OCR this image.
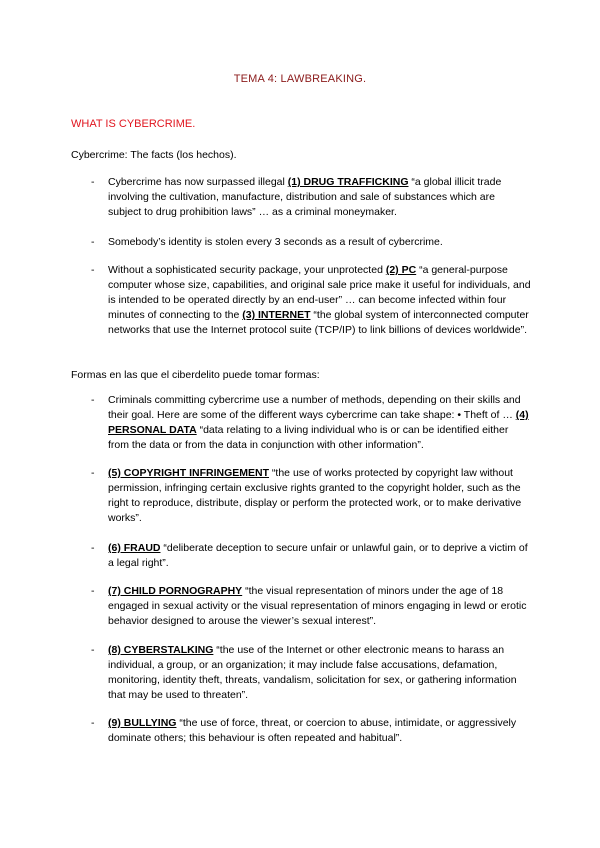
TEMA 4: LAWBREAKING.
WHAT IS CYBERCRIME.
Cybercrime: The facts (los hechos).
- Cybercrime has now surpassed illegal (1) DRUG TRAFFICKING “a global illicit trade involving the cultivation, manufacture, distribution and sale of substances which are subject to drug prohibition laws” … as a criminal moneymaker.
- Somebody’s identity is stolen every 3 seconds as a result of cybercrime.
- Without a sophisticated security package, your unprotected (2) PC “a general-purpose computer whose size, capabilities, and original sale price make it useful for individuals, and is intended to be operated directly by an end-user” … can become infected within four minutes of connecting to the (3) INTERNET “the global system of interconnected computer networks that use the Internet protocol suite (TCP/IP) to link billions of devices worldwide”.
Formas en las que el ciberdelito puede tomar formas:
- Criminals committing cybercrime use a number of methods, depending on their skills and their goal. Here are some of the different ways cybercrime can take shape: • Theft of … (4) PERSONAL DATA “data relating to a living individual who is or can be identified either from the data or from the data in conjunction with other information”.
- (5) COPYRIGHT INFRINGEMENT “the use of works protected by copyright law without permission, infringing certain exclusive rights granted to the copyright holder, such as the right to reproduce, distribute, display or perform the protected work, or to make derivative works”.
- (6) FRAUD “deliberate deception to secure unfair or unlawful gain, or to deprive a victim of a legal right”.
- (7) CHILD PORNOGRAPHY “the visual representation of minors under the age of 18 engaged in sexual activity or the visual representation of minors engaging in lewd or erotic behavior designed to arouse the viewer’s sexual interest”.
- (8) CYBERSTALKING “the use of the Internet or other electronic means to harass an individual, a group, or an organization; it may include false accusations, defamation, monitoring, identity theft, threats, vandalism, solicitation for sex, or gathering information that may be used to threaten”.
- (9) BULLYING “the use of force, threat, or coercion to abuse, intimidate, or aggressively dominate others; this behaviour is often repeated and habitual”.
